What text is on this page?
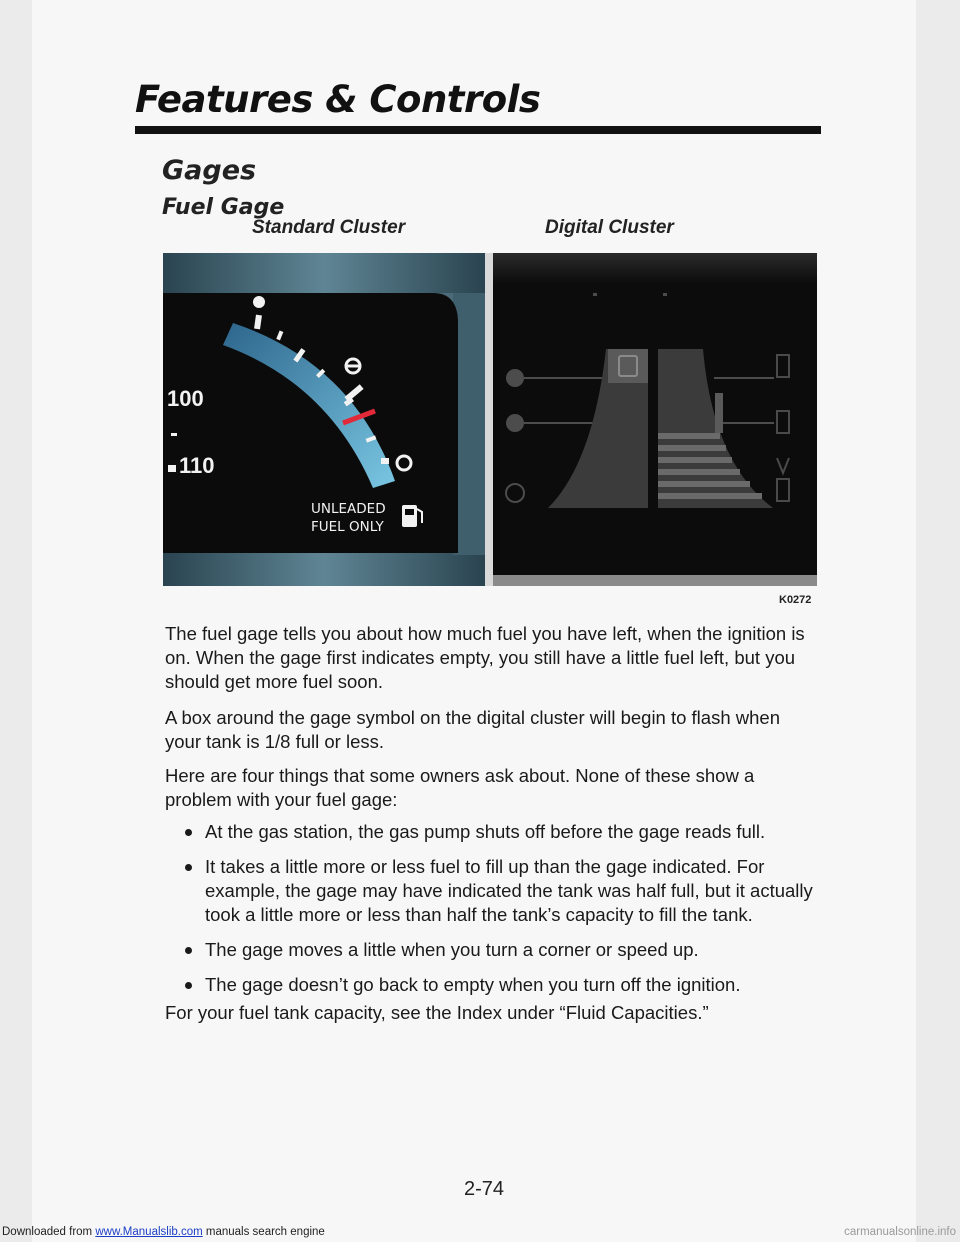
Features & Controls
Gages
Fuel Gage
Standard Cluster	Digital Cluster
100
110
UNLEADED
FUEL ONLY
K0272

The fuel gage tells you about how much fuel you have left, when the ignition is on. When the gage first indicates empty, you still have a little fuel left, but you should get more fuel soon.

A box around the gage symbol on the digital cluster will begin to flash when your tank is 1/8 full or less.

Here are four things that some owners ask about. None of these show a problem with your fuel gage:

At the gas station, the gas pump shuts off before the gage reads full.
It takes a little more or less fuel to fill up than the gage indicated. For example, the gage may have indicated the tank was half full, but it actually took a little more or less than half the tank’s capacity to fill the tank.
The gage moves a little when you turn a corner or speed up.
The gage doesn’t go back to empty when you turn off the ignition.

For your fuel tank capacity, see the Index under “Fluid Capacities.”

2-74
Downloaded from www.Manualslib.com manuals search engine	carmanualsonline.info
